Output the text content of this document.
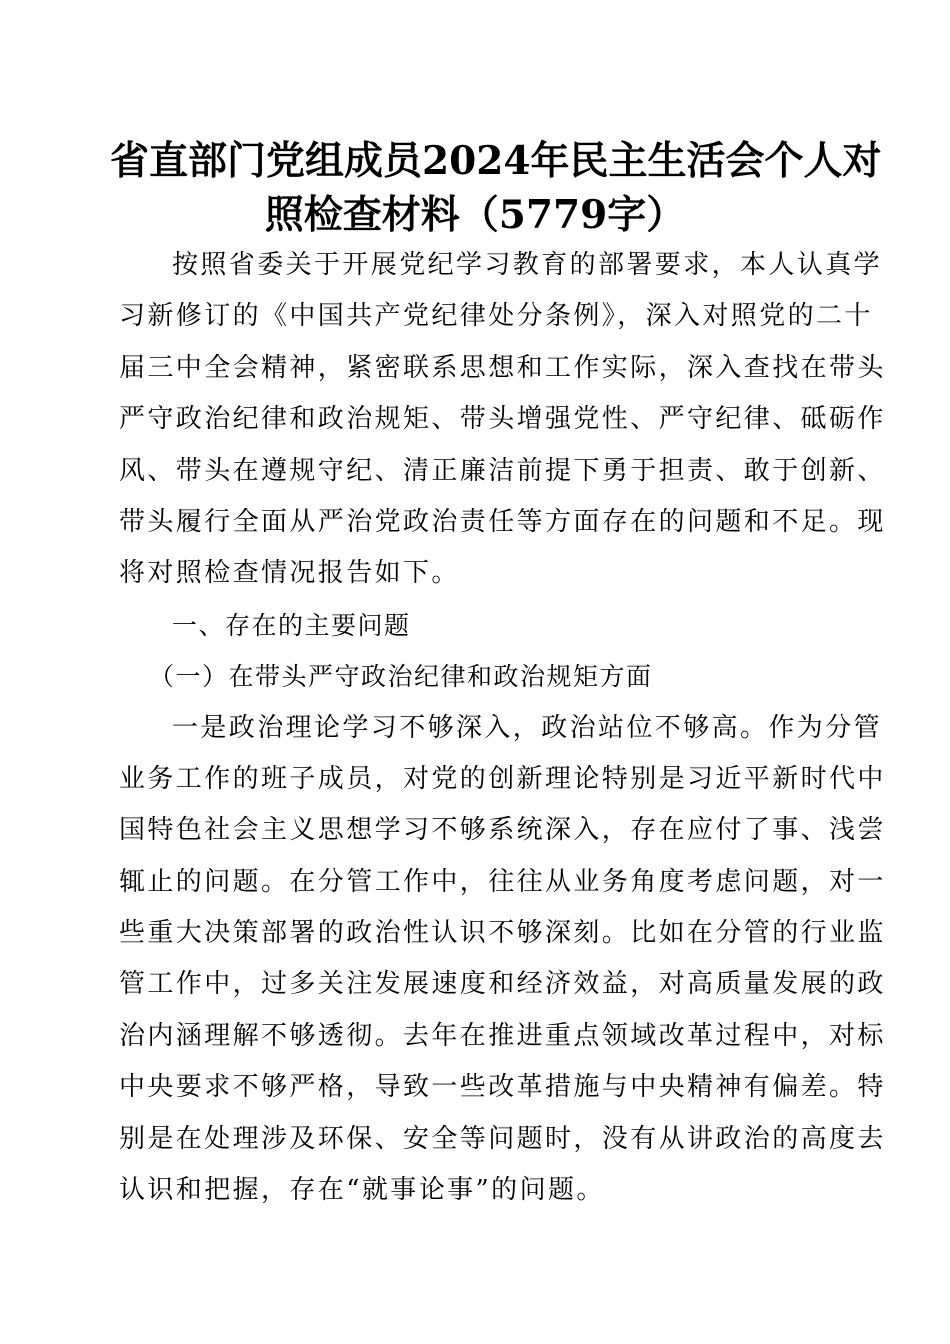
省直部门党组成员2024年民主生活会个人对
照检查材料（5779字）
按照省委关于开展党纪学习教育的部署要求，本人认真学
习新修订的《中国共产党纪律处分条例》，深入对照党的二十
届三中全会精神，紧密联系思想和工作实际，深入查找在带头
严守政治纪律和政治规矩、带头增强党性、严守纪律、砥砺作
风、带头在遵规守纪、清正廉洁前提下勇于担责、敢于创新、
带头履行全面从严治党政治责任等方面存在的问题和不足。现
将对照检查情况报告如下。
一、存在的主要问题
（一）在带头严守政治纪律和政治规矩方面
一是政治理论学习不够深入，政治站位不够高。作为分管
业务工作的班子成员，对党的创新理论特别是习近平新时代中
国特色社会主义思想学习不够系统深入，存在应付了事、浅尝
辄止的问题。在分管工作中，往往从业务角度考虑问题，对一
些重大决策部署的政治性认识不够深刻。比如在分管的行业监
管工作中，过多关注发展速度和经济效益，对高质量发展的政
治内涵理解不够透彻。去年在推进重点领域改革过程中，对标
中央要求不够严格，导致一些改革措施与中央精神有偏差。特
别是在处理涉及环保、安全等问题时，没有从讲政治的高度去
认识和把握，存在“就事论事”的问题。
